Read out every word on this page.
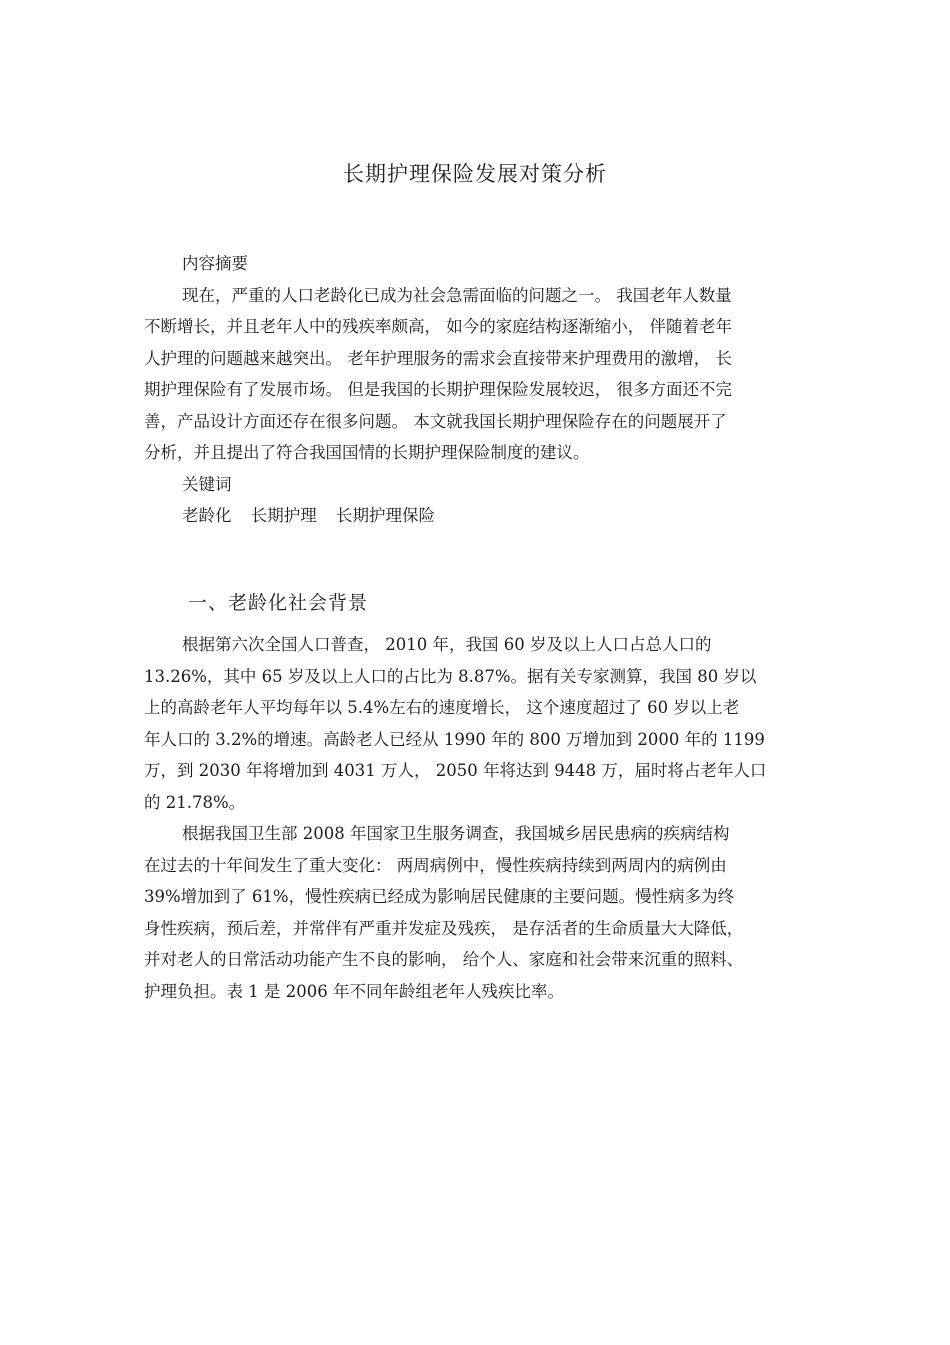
长期护理保险发展对策分析
内容摘要
现在，严重的人口老龄化已成为社会急需面临的问题之一。 我国老年人数量
不断增长，并且老年人中的残疾率颇高， 如今的家庭结构逐渐缩小， 伴随着老年
人护理的问题越来越突出。 老年护理服务的需求会直接带来护理费用的激增， 长
期护理保险有了发展市场。 但是我国的长期护理保险发展较迟， 很多方面还不完
善，产品设计方面还存在很多问题。 本文就我国长期护理保险存在的问题展开了
分析，并且提出了符合我国国情的长期护理保险制度的建议。
关键词
老龄化 长期护理 长期护理保险
一、老龄化社会背景
根据第六次全国人口普查， 2010 年，我国 60 岁及以上人口占总人口的
13.26%，其中 65 岁及以上人口的占比为 8.87%。据有关专家测算，我国 80 岁以
上的高龄老年人平均每年以 5.4%左右的速度增长， 这个速度超过了 60 岁以上老
年人口的 3.2%的增速。高龄老人已经从 1990 年的 800 万增加到 2000 年的 1199
万，到 2030 年将增加到 4031 万人， 2050 年将达到 9448 万，届时将占老年人口
的 21.78%。
根据我国卫生部 2008 年国家卫生服务调查，我国城乡居民患病的疾病结构
在过去的十年间发生了重大变化： 两周病例中，慢性疾病持续到两周内的病例由
39%增加到了 61%，慢性疾病已经成为影响居民健康的主要问题。慢性病多为终
身性疾病，预后差，并常伴有严重并发症及残疾， 是存活者的生命质量大大降低，
并对老人的日常活动功能产生不良的影响， 给个人、家庭和社会带来沉重的照料、
护理负担。表 1 是 2006 年不同年龄组老年人残疾比率。
